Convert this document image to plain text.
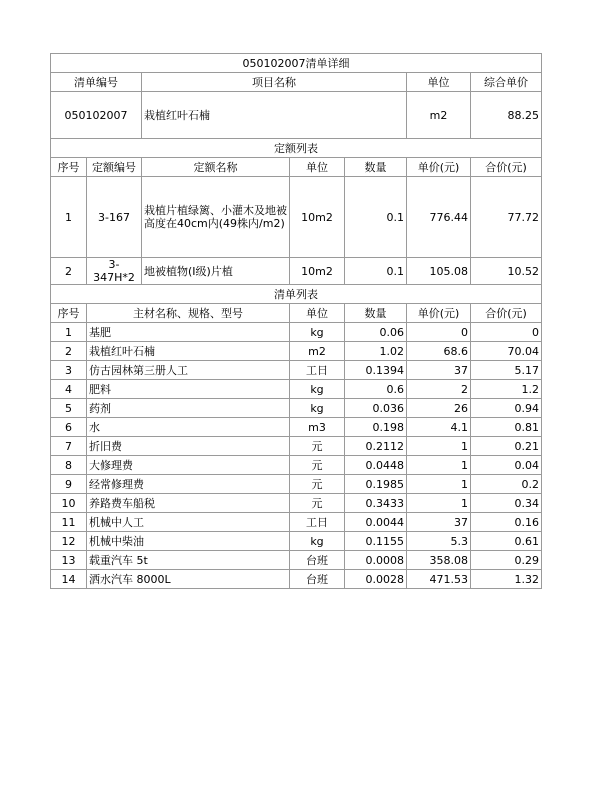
050102007清单详细						
清单编号		项目名称			单位	综合单价
050102007		栽植红叶石楠			m2	88.25
定额列表						
序号	定额编号	定额名称	单位	数量	单价(元)	合价(元)
1	3-167	栽植片植绿篱、小灌木及地被高度在40cm内(49株内/m2)	10m2	0.1	776.44	77.72
2	3-347H*2	地被植物(I级)片植	10m2	0.1	105.08	10.52
清单列表						
序号	主材名称、规格、型号		单位	数量	单价(元)	合价(元)
1	基肥		kg	0.06	0	0
2	栽植红叶石楠		m2	1.02	68.6	70.04
3	仿古园林第三册人工		工日	0.1394	37	5.17
4	肥料		kg	0.6	2	1.2
5	药剂		kg	0.036	26	0.94
6	水		m3	0.198	4.1	0.81
7	折旧费		元	0.2112	1	0.21
8	大修理费		元	0.0448	1	0.04
9	经常修理费		元	0.1985	1	0.2
10	养路费车船税		元	0.3433	1	0.34
11	机械中人工		工日	0.0044	37	0.16
12	机械中柴油		kg	0.1155	5.3	0.61
13	载重汽车 5t		台班	0.0008	358.08	0.29
14	洒水汽车 8000L		台班	0.0028	471.53	1.32
